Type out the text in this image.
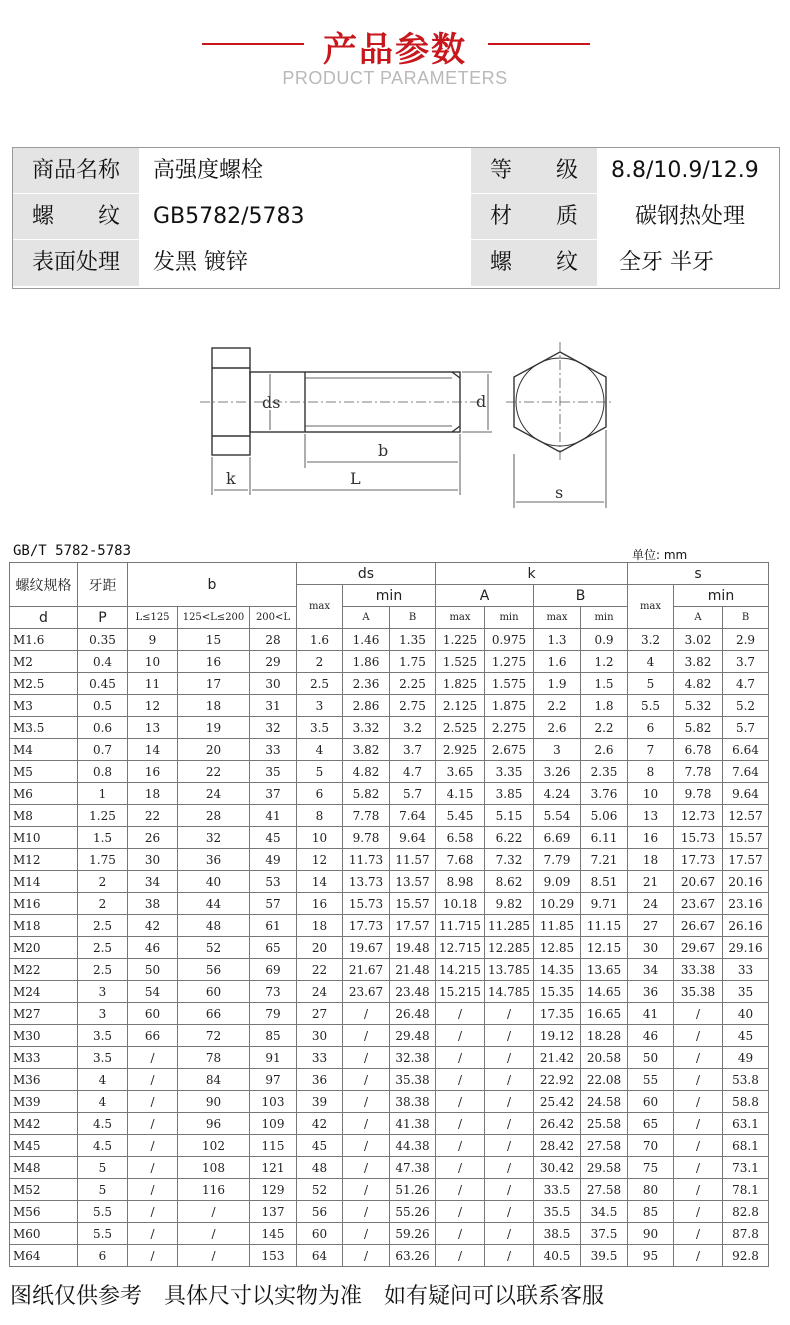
产品参数
PRODUCT PARAMETERS
商品名称	高强度螺栓	等　　级	8.8/10.9/12.9
螺　　纹	GB5782/5783	材　　质	碳钢热处理
表面处理	发黑 镀锌	螺　　纹	全牙 半牙
ds	d
b
k	L
s
GB/T 5782-5783	单位: mm
螺纹规格	牙距	b			ds			k				s		
					max	min		A		B		max	min	
d	P	L≤125	125<L≤200	200<L		A	B	max	min	max	min		A	B

M1.6	0.35	9	15	28	1.6	1.46	1.35	1.225	0.975	1.3	0.9	3.2	3.02	2.9
M2	0.4	10	16	29	2	1.86	1.75	1.525	1.275	1.6	1.2	4	3.82	3.7
M2.5	0.45	11	17	30	2.5	2.36	2.25	1.825	1.575	1.9	1.5	5	4.82	4.7
M3	0.5	12	18	31	3	2.86	2.75	2.125	1.875	2.2	1.8	5.5	5.32	5.2
M3.5	0.6	13	19	32	3.5	3.32	3.2	2.525	2.275	2.6	2.2	6	5.82	5.7
M4	0.7	14	20	33	4	3.82	3.7	2.925	2.675	3	2.6	7	6.78	6.64
M5	0.8	16	22	35	5	4.82	4.7	3.65	3.35	3.26	2.35	8	7.78	7.64
M6	1	18	24	37	6	5.82	5.7	4.15	3.85	4.24	3.76	10	9.78	9.64
M8	1.25	22	28	41	8	7.78	7.64	5.45	5.15	5.54	5.06	13	12.73	12.57
M10	1.5	26	32	45	10	9.78	9.64	6.58	6.22	6.69	6.11	16	15.73	15.57
M12	1.75	30	36	49	12	11.73	11.57	7.68	7.32	7.79	7.21	18	17.73	17.57
M14	2	34	40	53	14	13.73	13.57	8.98	8.62	9.09	8.51	21	20.67	20.16
M16	2	38	44	57	16	15.73	15.57	10.18	9.82	10.29	9.71	24	23.67	23.16
M18	2.5	42	48	61	18	17.73	17.57	11.715	11.285	11.85	11.15	27	26.67	26.16
M20	2.5	46	52	65	20	19.67	19.48	12.715	12.285	12.85	12.15	30	29.67	29.16
M22	2.5	50	56	69	22	21.67	21.48	14.215	13.785	14.35	13.65	34	33.38	33
M24	3	54	60	73	24	23.67	23.48	15.215	14.785	15.35	14.65	36	35.38	35
M27	3	60	66	79	27	/	26.48	/	/	17.35	16.65	41	/	40
M30	3.5	66	72	85	30	/	29.48	/	/	19.12	18.28	46	/	45
M33	3.5	/	78	91	33	/	32.38	/	/	21.42	20.58	50	/	49
M36	4	/	84	97	36	/	35.38	/	/	22.92	22.08	55	/	53.8
M39	4	/	90	103	39	/	38.38	/	/	25.42	24.58	60	/	58.8
M42	4.5	/	96	109	42	/	41.38	/	/	26.42	25.58	65	/	63.1
M45	4.5	/	102	115	45	/	44.38	/	/	28.42	27.58	70	/	68.1
M48	5	/	108	121	48	/	47.38	/	/	30.42	29.58	75	/	73.1
M52	5	/	116	129	52	/	51.26	/	/	33.5	27.58	80	/	78.1
M56	5.5	/	/	137	56	/	55.26	/	/	35.5	34.5	85	/	82.8
M60	5.5	/	/	145	60	/	59.26	/	/	38.5	37.5	90	/	87.8
M64	6	/	/	153	64	/	63.26	/	/	40.5	39.5	95	/	92.8
图纸仅供参考　具体尺寸以实物为准　如有疑问可以联系客服
